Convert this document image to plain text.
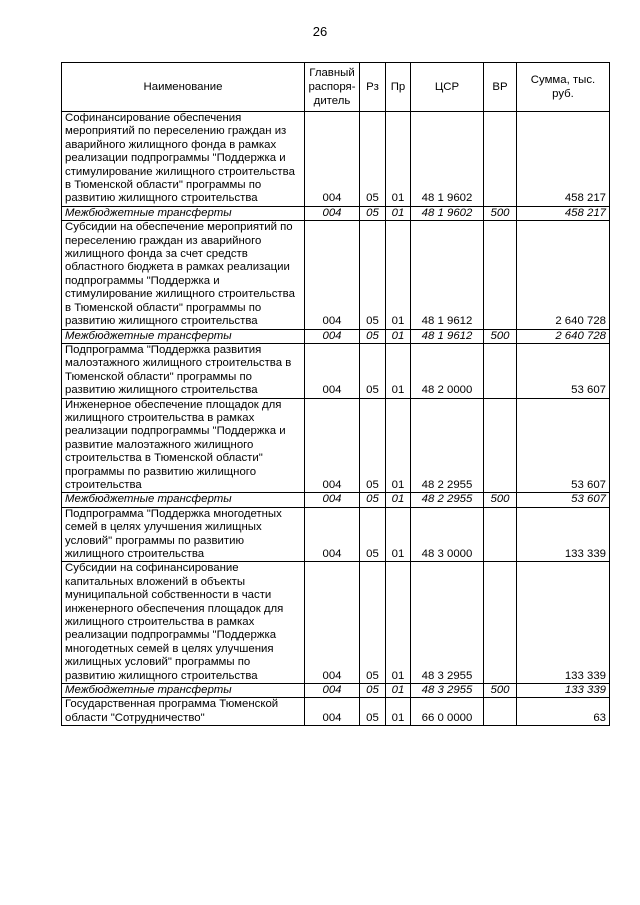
26
Наименование	Главный распоря-дитель	Рз	Пр	ЦСР	ВР	Сумма, тыс. руб.
Софинансирование обеспечения мероприятий по переселению граждан из аварийного жилищного фонда в рамках реализации подпрограммы "Поддержка и стимулирование жилищного строительства в Тюменской области" программы по развитию жилищного строительства	004	05	01	48 1 9602		458 217
Межбюджетные трансферты	004	05	01	48 1 9602	500	458 217
Субсидии на обеспечение мероприятий по переселению граждан из аварийного жилищного фонда за счет средств областного бюджета в рамках реализации подпрограммы "Поддержка и стимулирование жилищного строительства в Тюменской области" программы по развитию жилищного строительства	004	05	01	48 1 9612		2 640 728
Межбюджетные трансферты	004	05	01	48 1 9612	500	2 640 728
Подпрограмма "Поддержка развития малоэтажного жилищного строительства в Тюменской области" программы по развитию жилищного строительства	004	05	01	48 2 0000		53 607
Инженерное обеспечение площадок для жилищного строительства в рамках реализации подпрограммы "Поддержка и развитие малоэтажного жилищного строительства в Тюменской области" программы по развитию жилищного строительства	004	05	01	48 2 2955		53 607
Межбюджетные трансферты	004	05	01	48 2 2955	500	53 607
Подпрограмма "Поддержка многодетных семей в целях улучшения жилищных условий" программы по развитию жилищного строительства	004	05	01	48 3 0000		133 339
Субсидии на софинансирование капитальных вложений в объекты муниципальной собственности в части инженерного обеспечения площадок для жилищного строительства в рамках реализации подпрограммы "Поддержка многодетных семей в целях улучшения жилищных условий" программы по развитию жилищного строительства	004	05	01	48 3 2955		133 339
Межбюджетные трансферты	004	05	01	48 3 2955	500	133 339
Государственная программа Тюменской области "Сотрудничество"	004	05	01	66 0 0000		63
